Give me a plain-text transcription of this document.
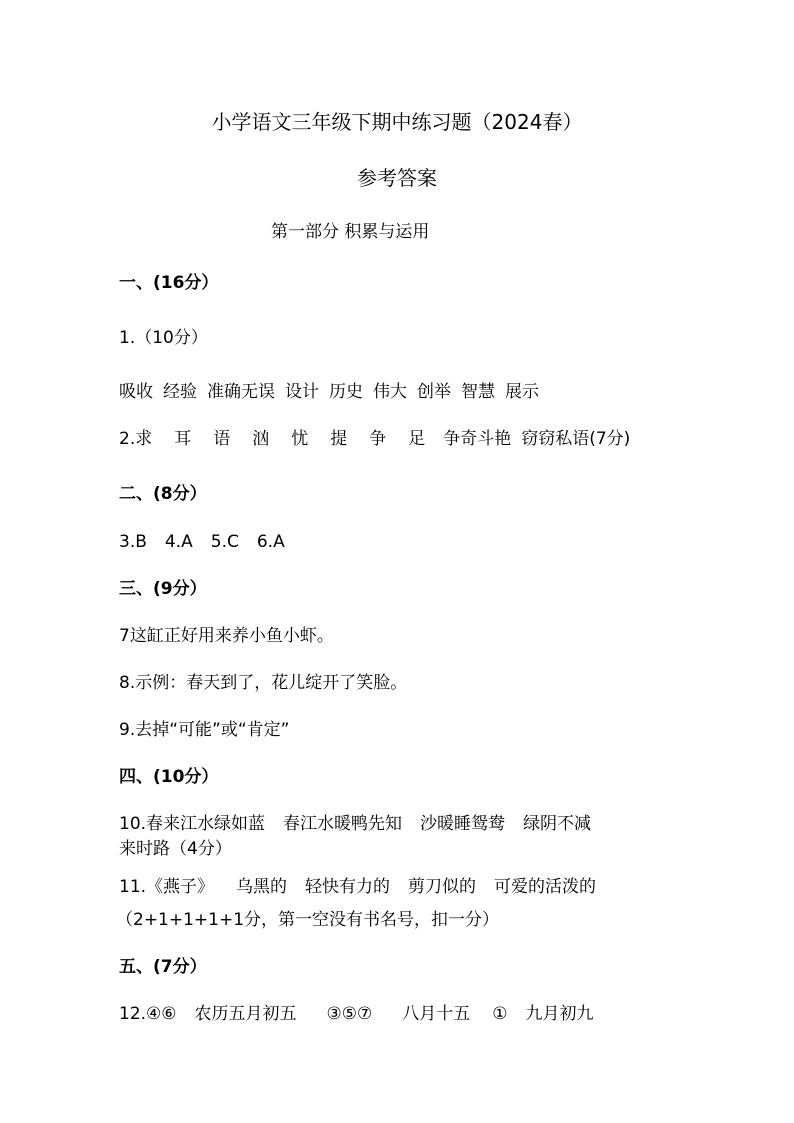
小学语文三年级下期中练习题（2024春）
参考答案
第一部分 积累与运用
一、(16分）
1.（10分）
吸收 经验 准确无误 设计 历史 伟大 创举 智慧 展示
2.求 耳 语 汹 忧 提 争 足 争奇斗艳 窃窃私语(7分)
二、(8分）
3.B 4.A 5.C 6.A
三、(9分）
7这缸正好用来养小鱼小虾。
8.示例：春天到了，花儿绽开了笑脸。
9.去掉“可能”或“肯定”
四、(10分）
10.春来江水绿如蓝 春江水暖鸭先知 沙暖睡鸳鸯 绿阴不减
来时路（4分）
11.《燕子》 乌黑的 轻快有力的 剪刀似的 可爱的活泼的
（2+1+1+1+1分，第一空没有书名号，扣一分）
五、(7分）
12.④⑥ 农历五月初五 ③⑤⑦ 八月十五 ① 九月初九
